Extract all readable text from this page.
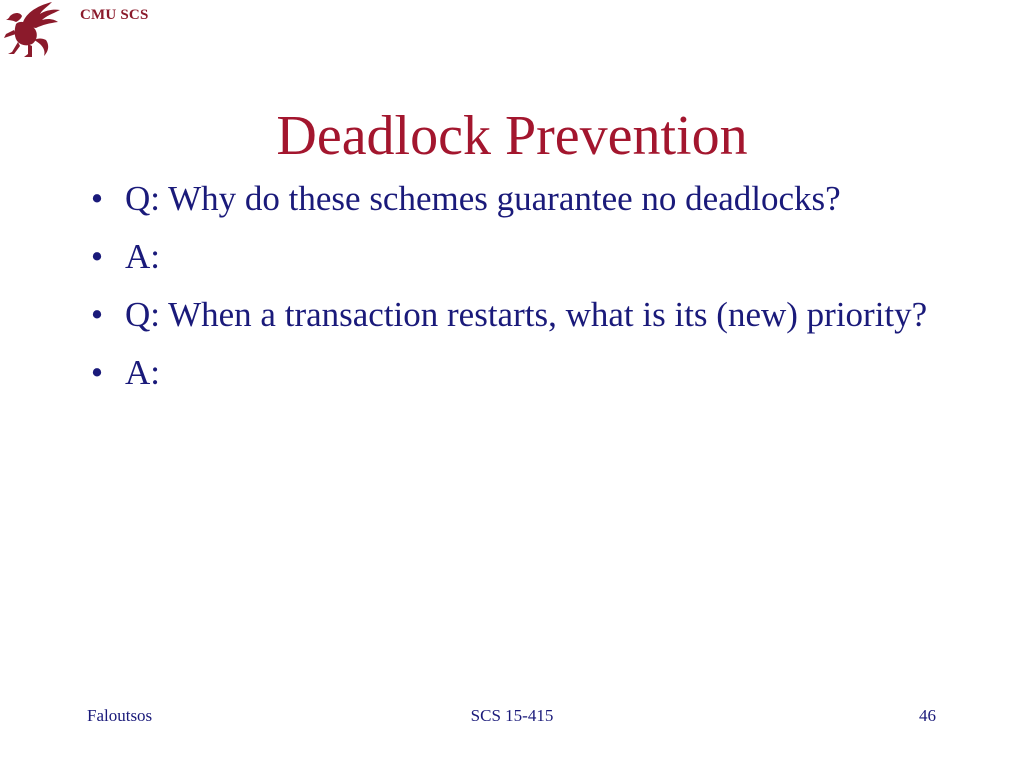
CMU SCS
Deadlock Prevention
• Q: Why do these schemes guarantee no deadlocks?
• A:
• Q: When a transaction restarts, what is its (new) priority?
• A:
Faloutsos	SCS 15-415	46
